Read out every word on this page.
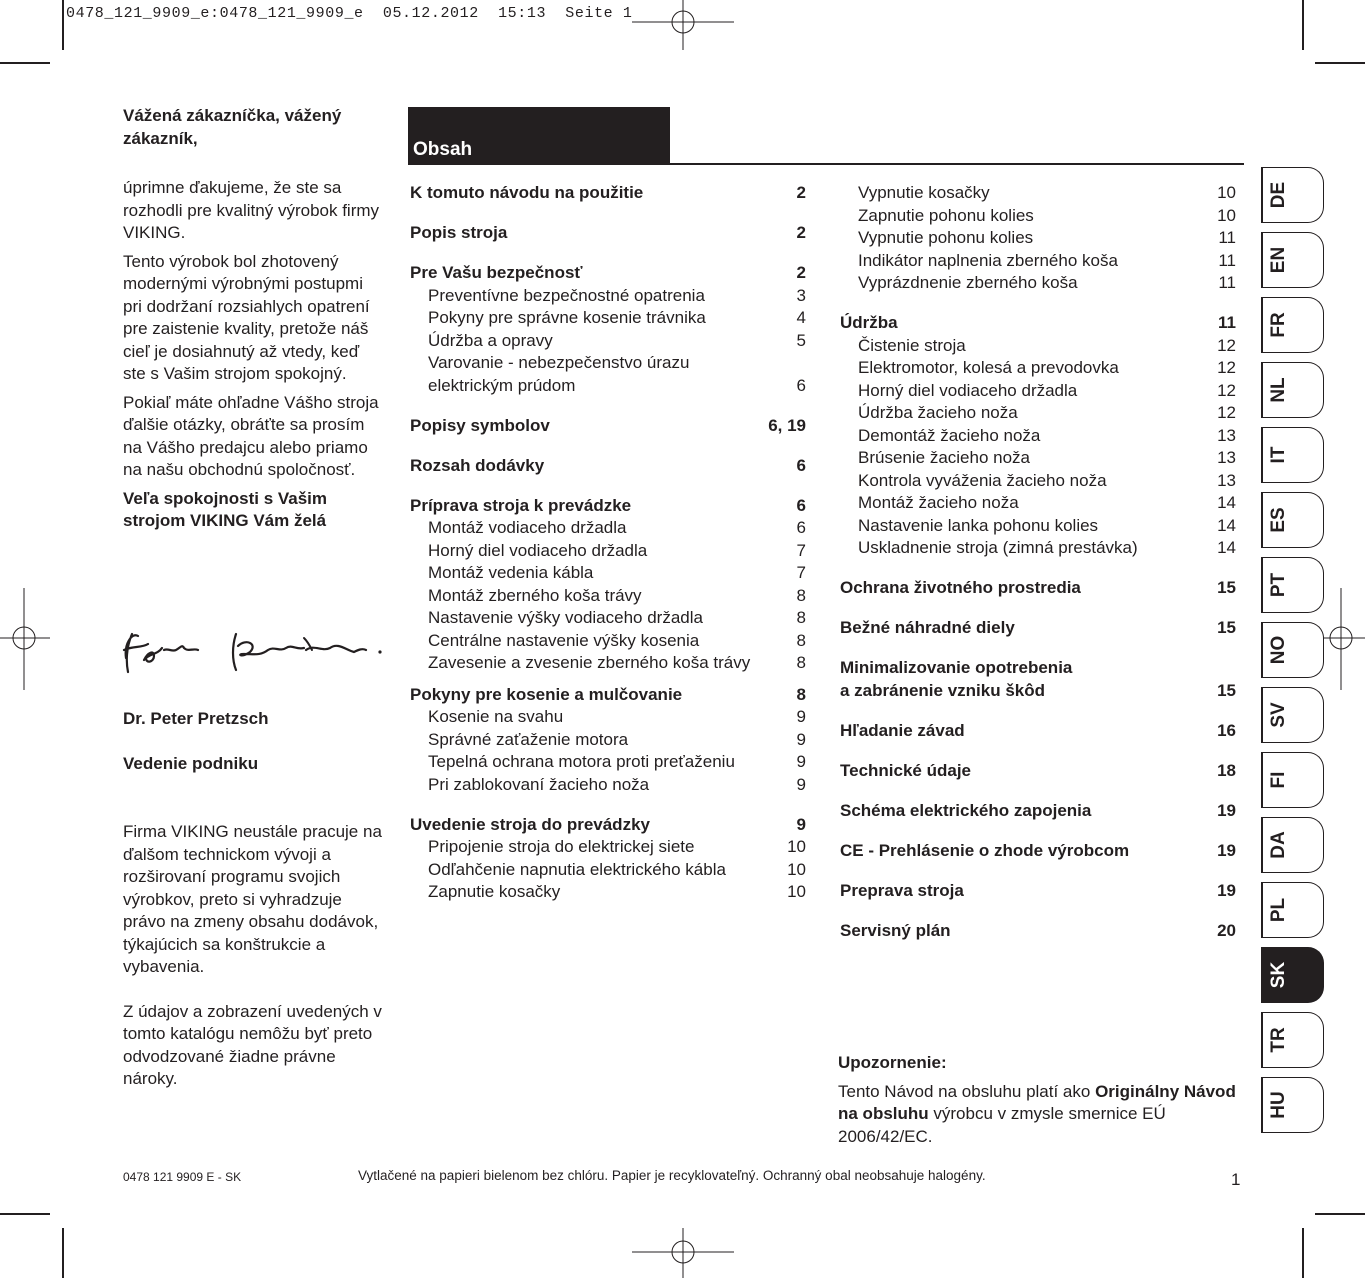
0478_121_9909_e:0478_121_9909_e  05.12.2012  15:13  Seite 1

Vážená zákazníčka, vážený zákazník,

úprimne ďakujeme, že ste sa rozhodli pre kvalitný výrobok firmy VIKING.

Tento výrobok bol zhotovený modernými výrobnými postupmi pri dodržaní rozsiahlych opatrení pre zaistenie kvality, pretože náš cieľ je dosiahnutý až vtedy, keď ste s Vašim strojom spokojný.

Pokiaľ máte ohľadne Vášho stroja ďalšie otázky, obráťte sa prosím na Vášho predajcu alebo priamo na našu obchodnú spoločnosť.

Veľa spokojnosti s Vašim strojom VIKING Vám želá

Dr. Peter Pretzsch
Vedenie podniku

Firma VIKING neustále pracuje na ďalšom technickom vývoji a rozširovaní programu svojich výrobkov, preto si vyhradzuje právo na zmeny obsahu dodávok, týkajúcich sa konštrukcie a vybavenia.

Z údajov a zobrazení uvedených v tomto katalógu nemôžu byť preto odvodzované žiadne právne nároky.

Obsah
K tomuto návodu na použitie	2
Popis stroja	2
Pre Vašu bezpečnosť	2
Preventívne bezpečnostné opatrenia	3
Pokyny pre správne kosenie trávnika	4
Údržba a opravy	5
Varovanie - nebezpečenstvo úrazu
elektrickým prúdom	6
Popisy symbolov	6, 19
Rozsah dodávky	6
Príprava stroja k prevádzke	6
Montáž vodiaceho držadla	6
Horný diel vodiaceho držadla	7
Montáž vedenia kábla	7
Montáž zberného koša trávy	8
Nastavenie výšky vodiaceho držadla	8
Centrálne nastavenie výšky kosenia	8
Zavesenie a zvesenie zberného koša trávy	8
Pokyny pre kosenie a mulčovanie	8
Kosenie na svahu	9
Správné zaťaženie motora	9
Tepelná ochrana motora proti preťaženiu	9
Pri zablokovaní žacieho noža	9
Uvedenie stroja do prevádzky	9
Pripojenie stroja do elektrickej siete	10
Odľahčenie napnutia elektrického kábla	10
Zapnutie kosačky	10
Vypnutie kosačky	10
Zapnutie pohonu kolies	10
Vypnutie pohonu kolies	11
Indikátor naplnenia zberného koša	11
Vyprázdnenie zberného koša	11
Údržba	11
Čistenie stroja	12
Elektromotor, kolesá a prevodovka	12
Horný diel vodiaceho držadla	12
Údržba žacieho noža	12
Demontáž žacieho noža	13
Brúsenie žacieho noža	13
Kontrola vyváženia žacieho noža	13
Montáž žacieho noža	14
Nastavenie lanka pohonu kolies	14
Uskladnenie stroja (zimná prestávka)	14
Ochrana životného prostredia	15
Bežné náhradné diely	15
Minimalizovanie opotrebenia
a zabránenie vzniku škôd	15
Hľadanie závad	16
Technické údaje	18
Schéma elektrického zapojenia	19
CE - Prehlásenie o zhode výrobcom	19
Preprava stroja	19
Servisný plán	20
Upozornenie:
Tento Návod na obsluhu platí ako Originálny Návod na obsluhu výrobcu v zmysle smernice EÚ 2006/42/EC.
DE
EN
FR
NL
IT
ES
PT
NO
SV
FI
DA
PL
SK
TR
HU
0478 121 9909 E - SK	Vytlačené na papieri bielenom bez chlóru. Papier je recyklovateľný. Ochranný obal neobsahuje halogény.	1
